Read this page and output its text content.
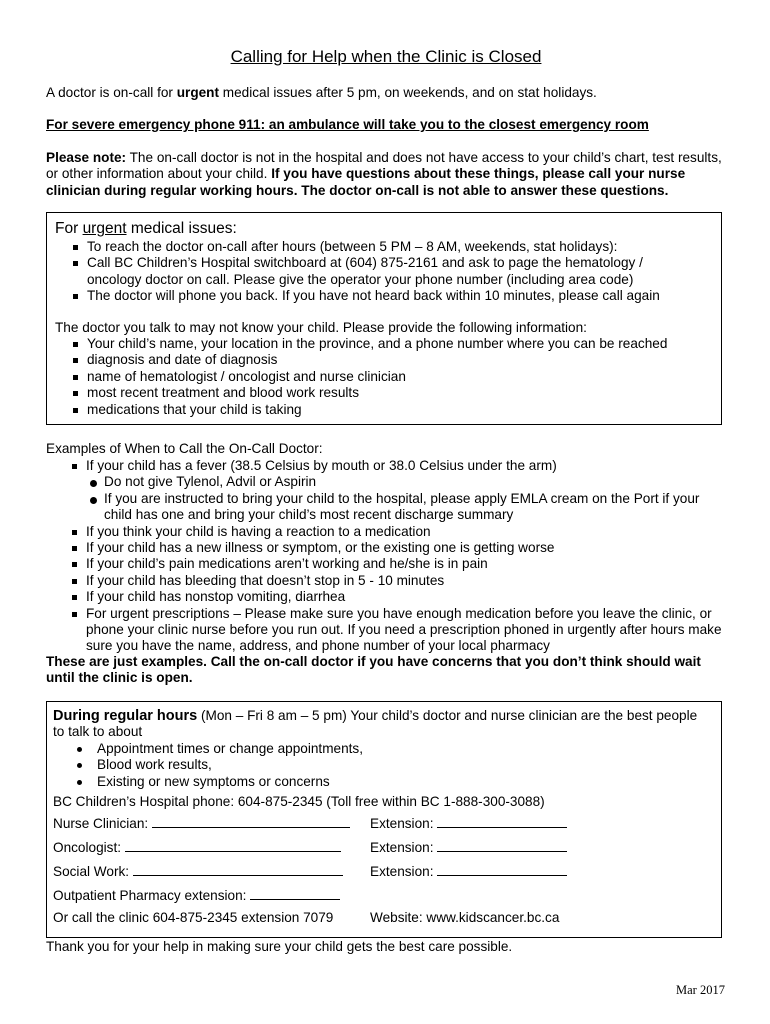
Calling for Help when the Clinic is Closed
A doctor is on-call for urgent medical issues after 5 pm, on weekends, and on stat holidays.
For severe emergency phone 911: an ambulance will take you to the closest emergency room
Please note: The on-call doctor is not in the hospital and does not have access to your child’s chart, test results, or other information about your child. If you have questions about these things, please call your nurse clinician during regular working hours. The doctor on-call is not able to answer these questions.
For urgent medical issues:
To reach the doctor on-call after hours (between 5 PM – 8 AM, weekends, stat holidays):
Call BC Children’s Hospital switchboard at (604) 875-2161 and ask to page the hematology / oncology doctor on call. Please give the operator your phone number (including area code)
The doctor will phone you back. If you have not heard back within 10 minutes, please call again
The doctor you talk to may not know your child. Please provide the following information:
Your child’s name, your location in the province, and a phone number where you can be reached
diagnosis and date of diagnosis
name of hematologist / oncologist and nurse clinician
most recent treatment and blood work results
medications that your child is taking
Examples of When to Call the On-Call Doctor:
If your child has a fever (38.5 Celsius by mouth or 38.0 Celsius under the arm)
Do not give Tylenol, Advil or Aspirin
If you are instructed to bring your child to the hospital, please apply EMLA cream on the Port if your child has one and bring your child’s most recent discharge summary
If you think your child is having a reaction to a medication
If your child has a new illness or symptom, or the existing one is getting worse
If your child’s pain medications aren’t working and he/she is in pain
If your child has bleeding that doesn’t stop in 5 - 10 minutes
If your child has nonstop vomiting, diarrhea
For urgent prescriptions – Please make sure you have enough medication before you leave the clinic, or phone your clinic nurse before you run out. If you need a prescription phoned in urgently after hours make sure you have the name, address, and phone number of your local pharmacy
These are just examples. Call the on-call doctor if you have concerns that you don’t think should wait until the clinic is open.
During regular hours (Mon – Fri 8 am – 5 pm) Your child’s doctor and nurse clinician are the best people to talk to about
Appointment times or change appointments,
Blood work results,
Existing or new symptoms or concerns
BC Children’s Hospital phone: 604-875-2345 (Toll free within BC 1-888-300-3088)
Nurse Clinician:	Extension:
Oncologist:	Extension:
Social Work:	Extension:
Outpatient Pharmacy extension:
Or call the clinic 604-875-2345 extension 7079	Website: www.kidscancer.bc.ca
Thank you for your help in making sure your child gets the best care possible.
Mar 2017
